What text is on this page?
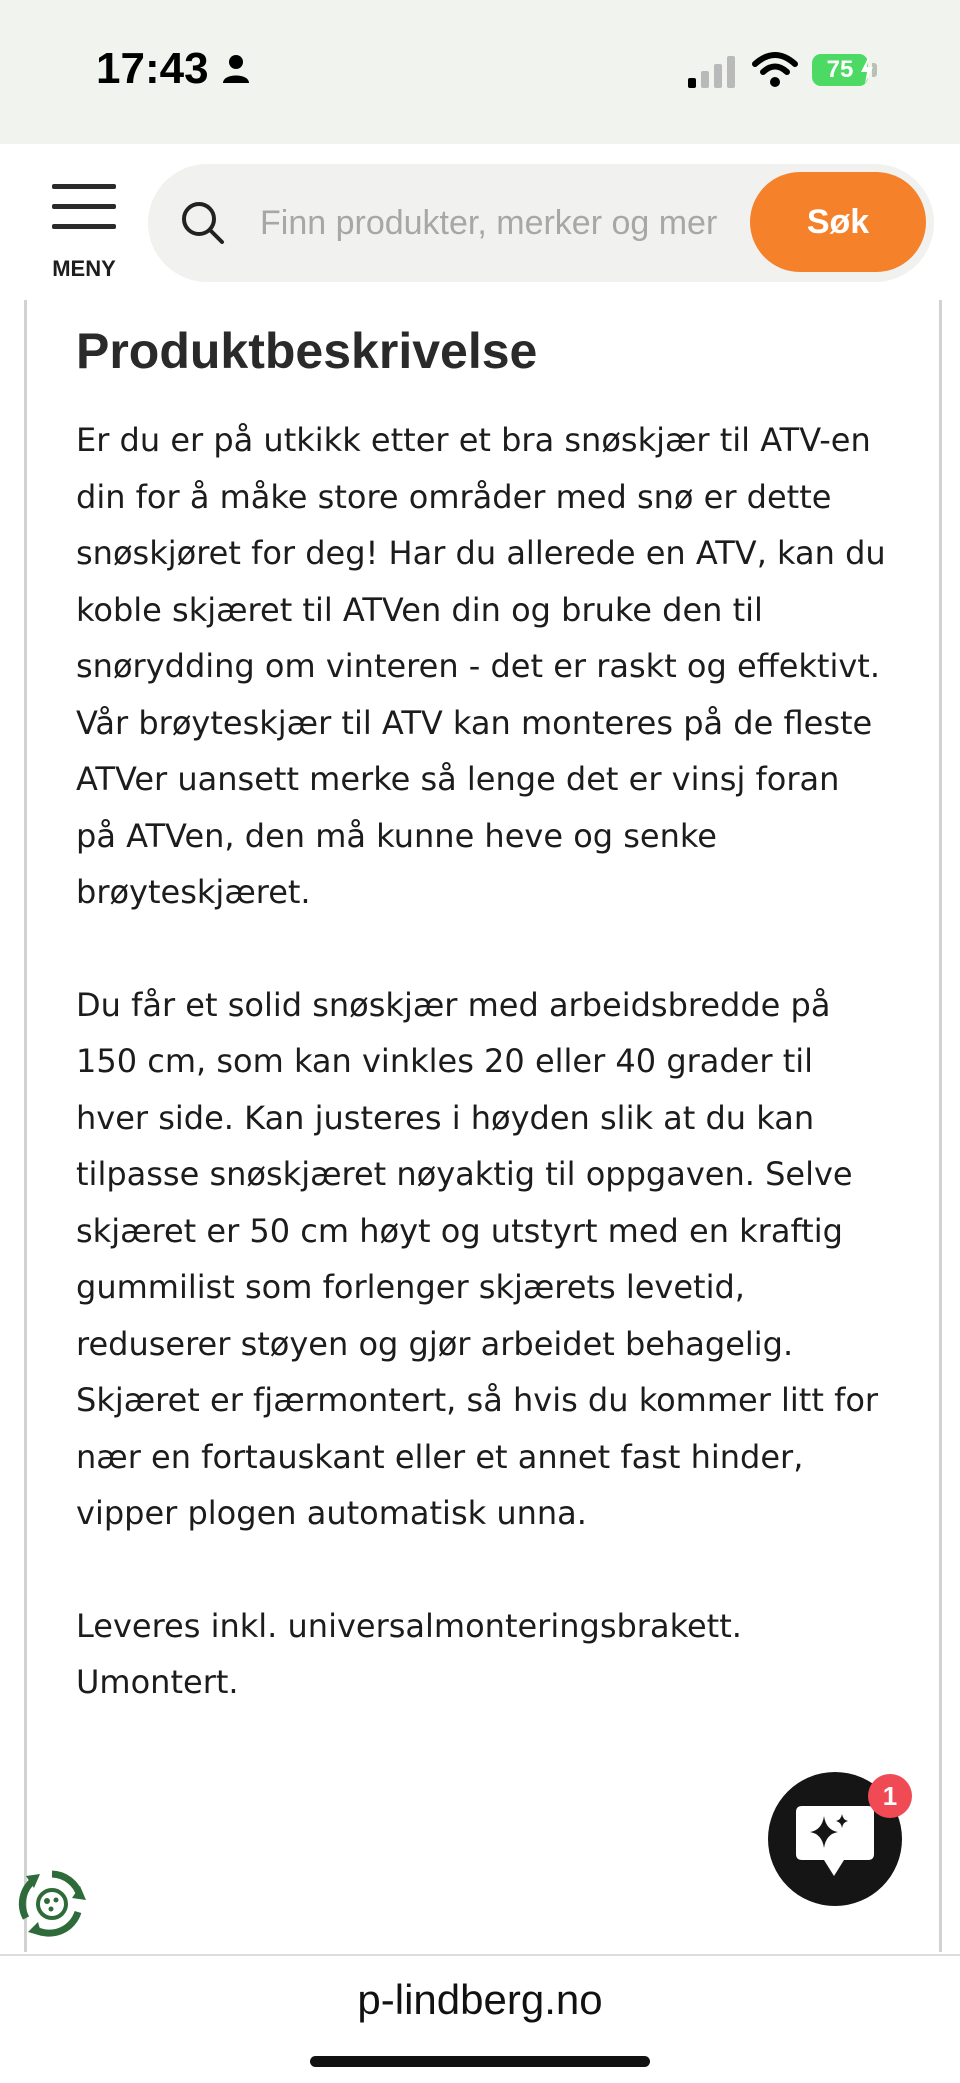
17:43	75
MENY
Finn produkter, merker og mer
Søk
Produktbeskrivelse

Er du er på utkikk etter et bra snøskjær til ATV-en din for å måke store områder med snø er dette snøskjøret for deg! Har du allerede en ATV, kan du koble skjæret til ATVen din og bruke den til snørydding om vinteren - det er raskt og effektivt.

Vår brøyteskjær til ATV kan monteres på de fleste ATVer uansett merke så lenge det er vinsj foran på ATVen, den må kunne heve og senke brøyteskjæret.

Du får et solid snøskjær med arbeidsbredde på 150 cm, som kan vinkles 20 eller 40 grader til hver side. Kan justeres i høyden slik at du kan tilpasse snøskjæret nøyaktig til oppgaven. Selve skjæret er 50 cm høyt og utstyrt med en kraftig gummilist som forlenger skjærets levetid, reduserer støyen og gjør arbeidet behagelig. Skjæret er fjærmontert, så hvis du kommer litt for nær en fortauskant eller et annet fast hinder, vipper plogen automatisk unna.

Leveres inkl. universalmonteringsbrakett. Umontert.

1
p-lindberg.no
